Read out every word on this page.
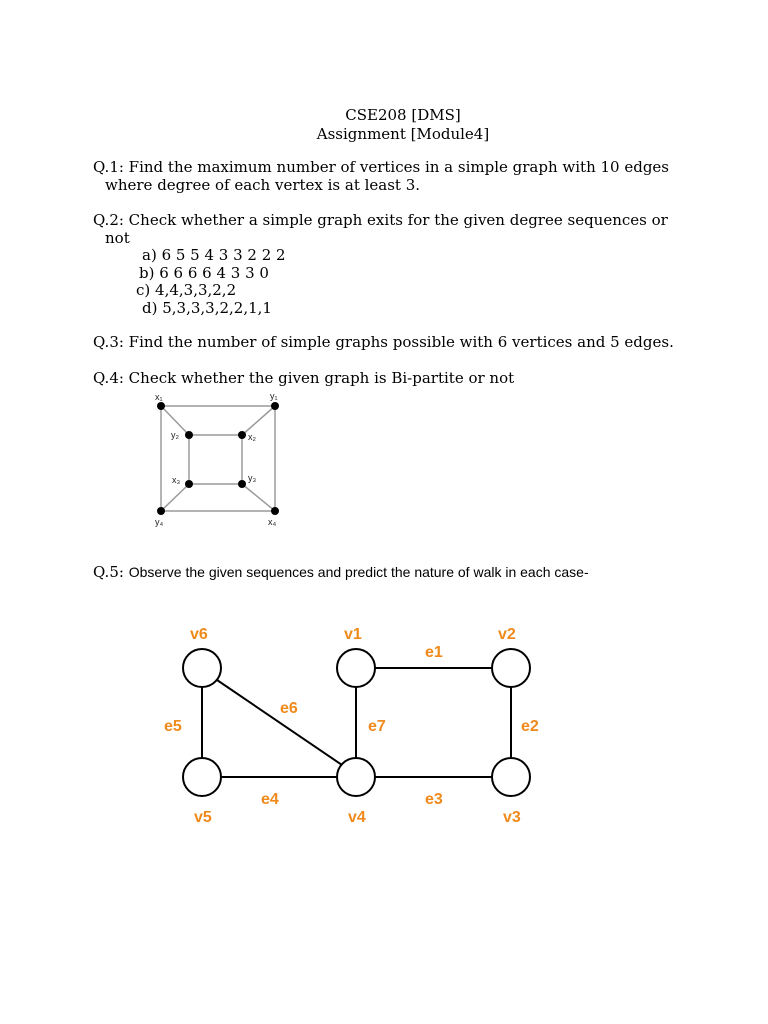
CSE208 [DMS]
Assignment [Module4]
Q.1: Find the maximum number of vertices in a simple graph with 10 edges
where degree of each vertex is at least 3.
Q.2: Check whether a simple graph exits for the given degree sequences or
not
a) 6 5 5 4 3 3 2 2 2
b) 6 6 6 6 4 3 3 0
c) 4,4,3,3,2,2
d) 5,3,3,3,2,2,1,1
Q.3: Find the number of simple graphs possible with 6 vertices and 5 edges.
Q.4: Check whether the given graph is Bi-partite or not
x₁	y₁
y₂	x₂
x₃	y₃
y₄	x₄
Q.5: Observe the given sequences and predict the nature of walk in each case-
v6	v1	v2
e1
e6
e5	e7	e2
e4	e3
v5	v4	v3
